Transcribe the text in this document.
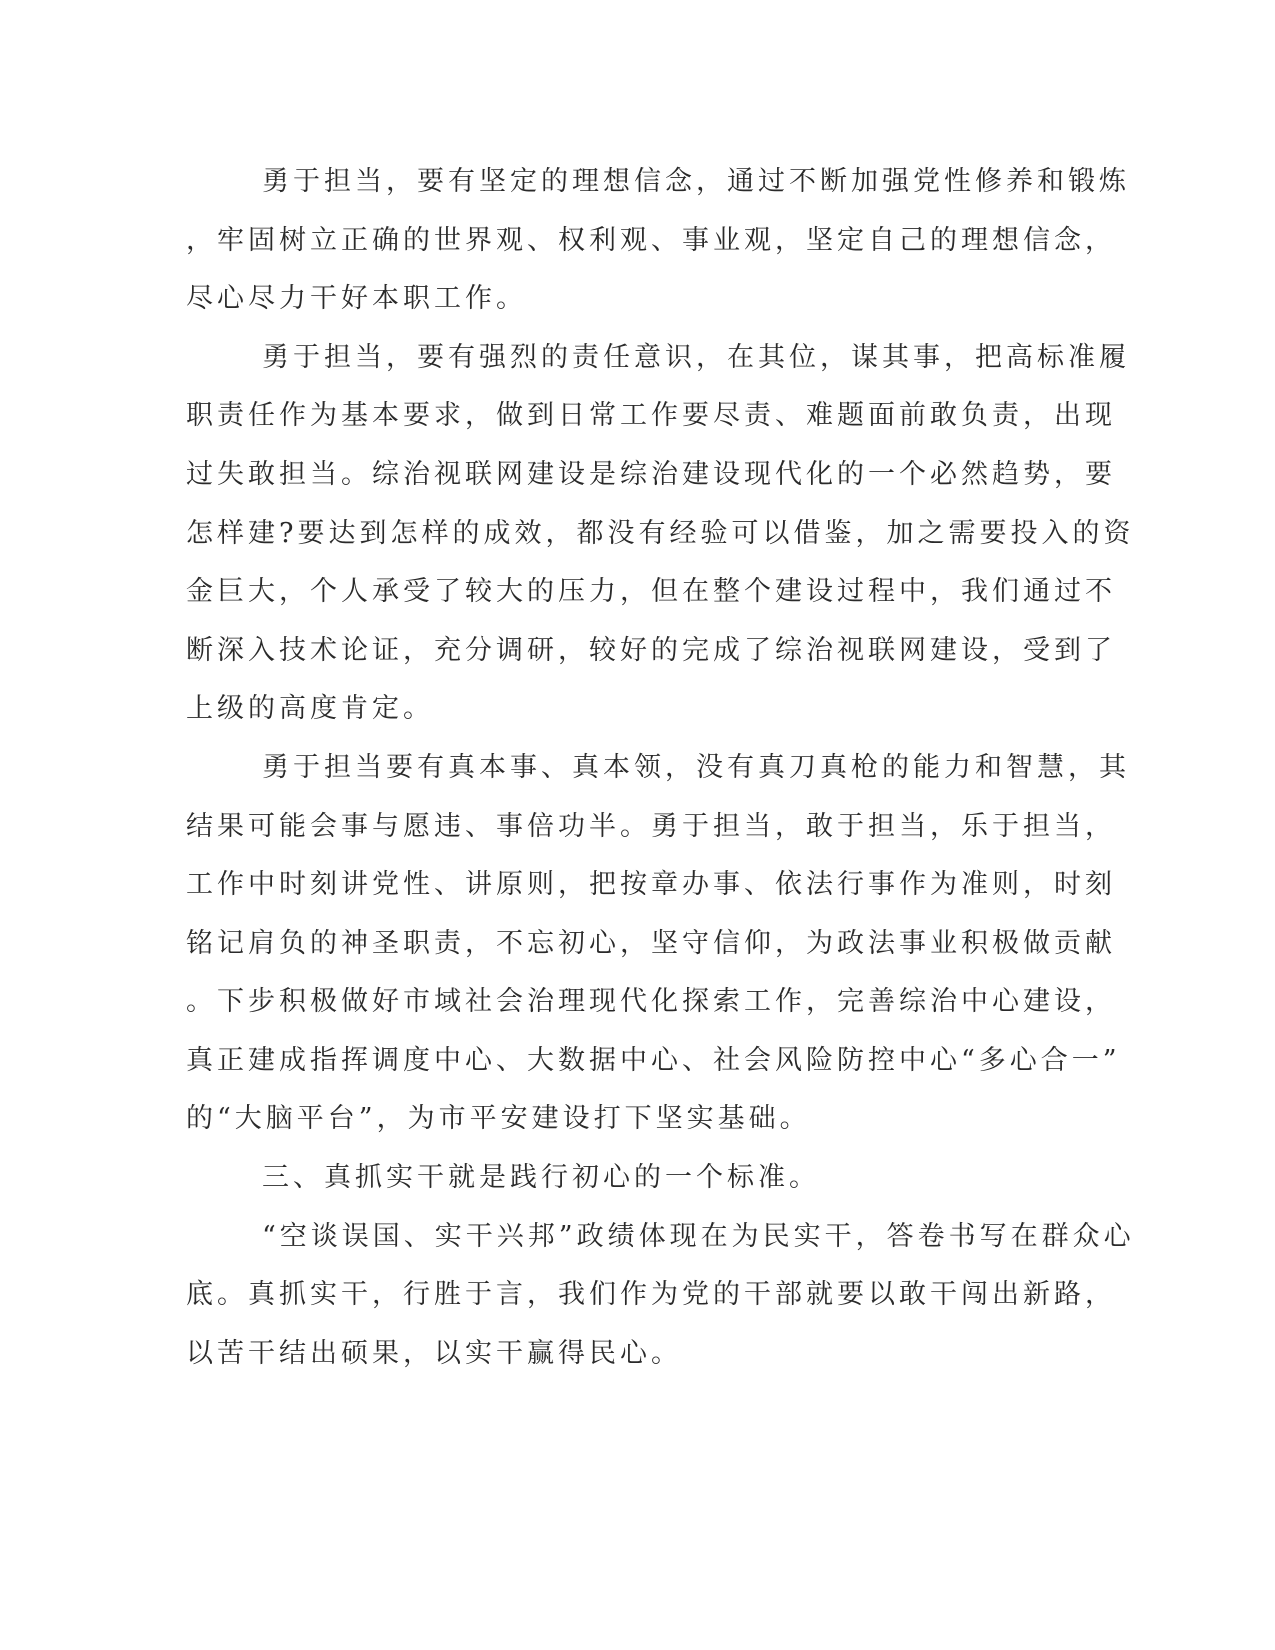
勇于担当，要有坚定的理想信念，通过不断加强党性修养和锻炼
，牢固树立正确的世界观、权利观、事业观，坚定自己的理想信念，
尽心尽力干好本职工作。
勇于担当，要有强烈的责任意识，在其位，谋其事，把高标准履
职责任作为基本要求，做到日常工作要尽责、难题面前敢负责，出现
过失敢担当。综治视联网建设是综治建设现代化的一个必然趋势，要
怎样建?要达到怎样的成效，都没有经验可以借鉴，加之需要投入的资
金巨大，个人承受了较大的压力，但在整个建设过程中，我们通过不
断深入技术论证，充分调研，较好的完成了综治视联网建设，受到了
上级的高度肯定。
勇于担当要有真本事、真本领，没有真刀真枪的能力和智慧，其
结果可能会事与愿违、事倍功半。勇于担当，敢于担当，乐于担当，
工作中时刻讲党性、讲原则，把按章办事、依法行事作为准则，时刻
铭记肩负的神圣职责，不忘初心，坚守信仰，为政法事业积极做贡献
。下步积极做好市域社会治理现代化探索工作，完善综治中心建设，
真正建成指挥调度中心、大数据中心、社会风险防控中心“多心合一”
的“大脑平台”，为市平安建设打下坚实基础。
三、真抓实干就是践行初心的一个标准。
“空谈误国、实干兴邦”政绩体现在为民实干，答卷书写在群众心
底。真抓实干，行胜于言，我们作为党的干部就要以敢干闯出新路，
以苦干结出硕果，以实干赢得民心。
